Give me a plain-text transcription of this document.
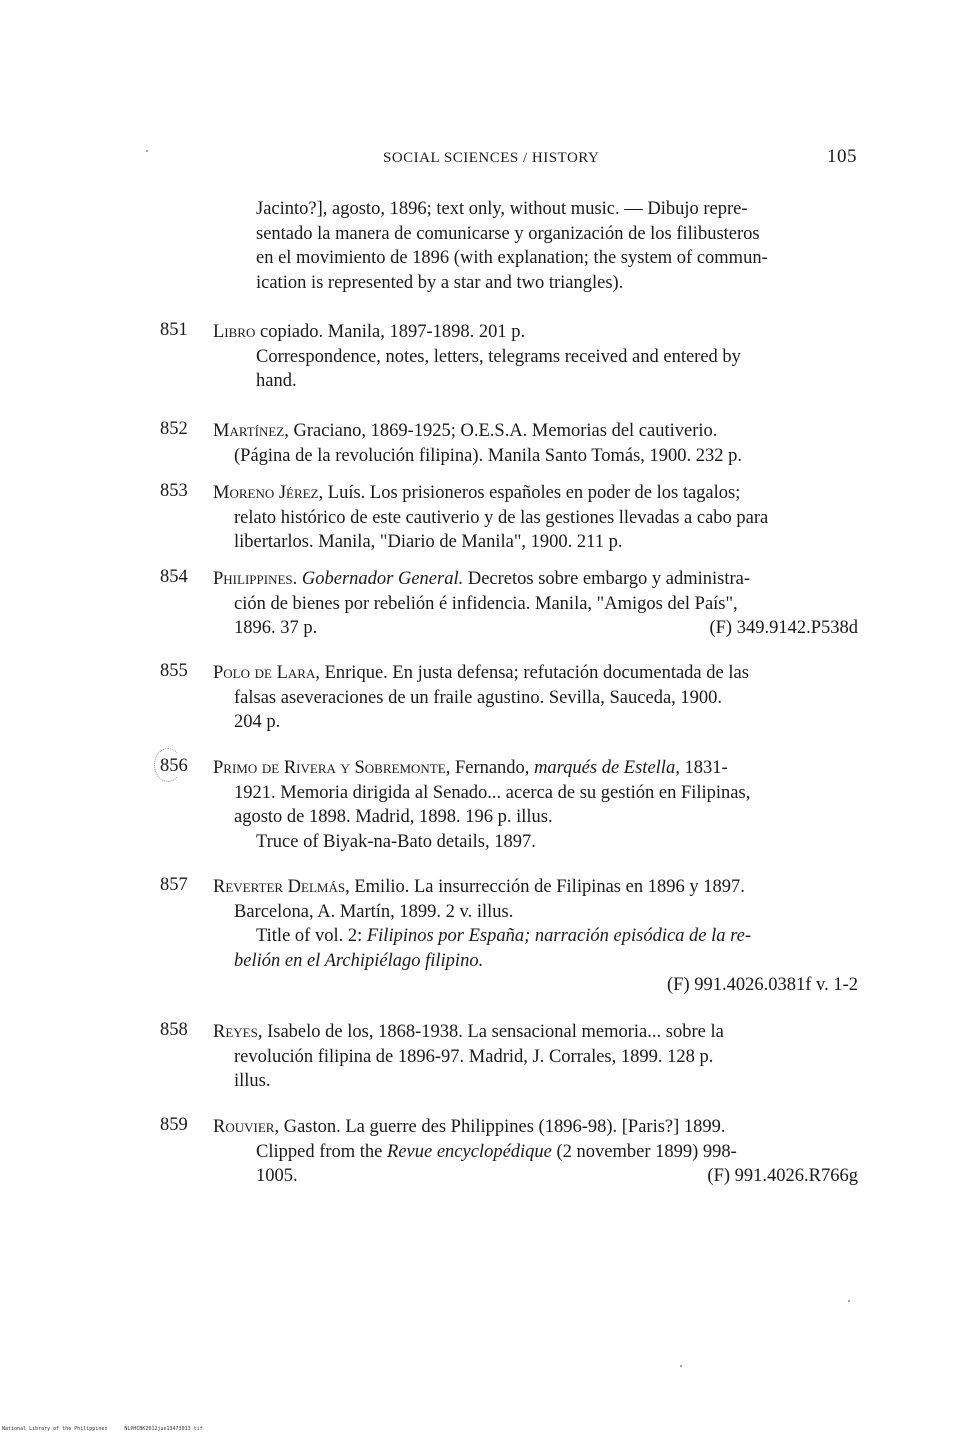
SOCIAL SCIENCES / HISTORY	105
Jacinto?], agosto, 1896; text only, without music. — Dibujo repre-
sentado la manera de comunicarse y organización de los filibusteros
en el movimiento de 1896 (with explanation; the system of commun-
ication is represented by a star and two triangles).
851 Libro copiado. Manila, 1897-1898. 201 p.
Correspondence, notes, letters, telegrams received and entered by
hand.
852 Martínez, Graciano, 1869-1925; O.E.S.A. Memorias del cautiverio.
(Página de la revolución filipina). Manila Santo Tomás, 1900. 232 p.
853 Moreno Jérez, Luís. Los prisioneros españoles en poder de los tagalos;
relato histórico de este cautiverio y de las gestiones llevadas a cabo para
libertarlos. Manila, "Diario de Manila", 1900. 211 p.
854 Philippines. Gobernador General. Decretos sobre embargo y administra-
ción de bienes por rebelión é infidencia. Manila, "Amigos del País",
1896. 37 p.	(F) 349.9142.P538d
855 Polo de Lara, Enrique. En justa defensa; refutación documentada de las
falsas aseveraciones de un fraile agustino. Sevilla, Sauceda, 1900.
204 p.
856 Primo de Rivera y Sobremonte, Fernando, marqués de Estella, 1831-
1921. Memoria dirigida al Senado... acerca de su gestión en Filipinas,
agosto de 1898. Madrid, 1898. 196 p. illus.
Truce of Biyak-na-Bato details, 1897.
857 Reverter Delmás, Emilio. La insurrección de Filipinas en 1896 y 1897.
Barcelona, A. Martín, 1899. 2 v. illus.
Title of vol. 2: Filipinos por España; narración episódica de la re-
belión en el Archipiélago filipino.
(F) 991.4026.0381f v. 1-2
858 Reyes, Isabelo de los, 1868-1938. La sensacional memoria... sobre la
revolución filipina de 1896-97. Madrid, J. Corrales, 1899. 128 p.
illus.
859 Rouvier, Gaston. La guerre des Philippines (1896-98). [Paris?] 1899.
Clipped from the Revue encyclopédique (2 november 1899) 998-
1005.	(F) 991.4026.R766g
National Library of the Philippines	NLPHCBK2012jun13473013 tif
